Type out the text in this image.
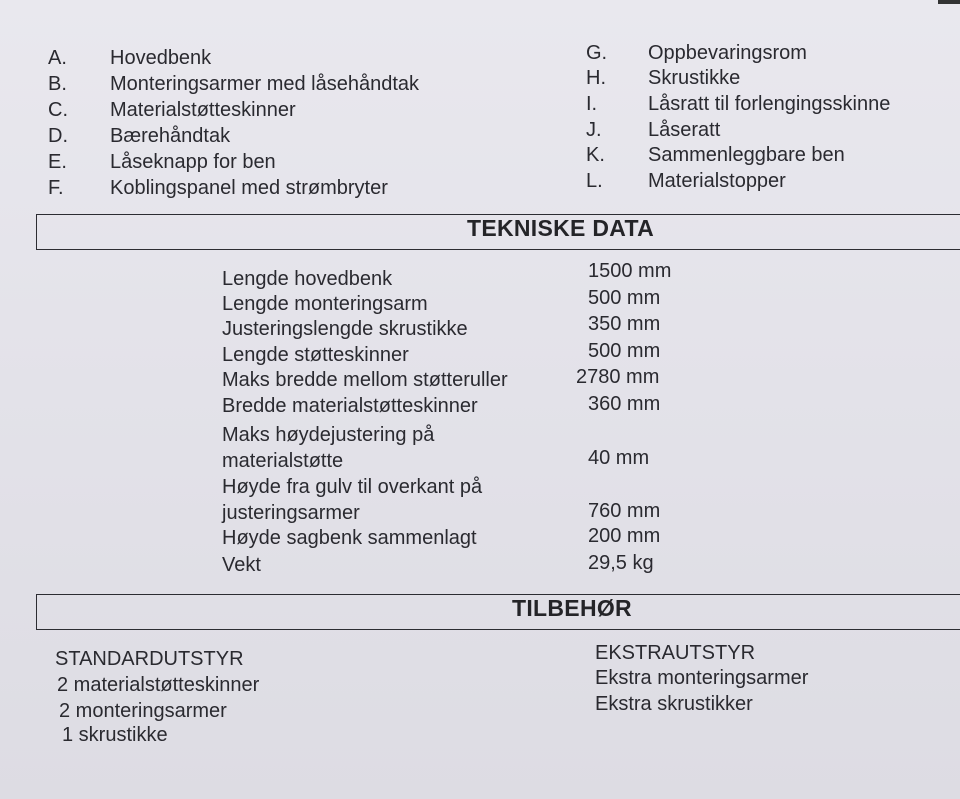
A. Hovedbenk
B. Monteringsarmer med låsehåndtak
C. Materialstøtteskinner
D. Bærehåndtak
E. Låseknapp for ben
F. Koblingspanel med strømbryter
G. Oppbevaringsrom
H. Skrustikke
I.	Låsratt til forlengingsskinne
J. Låseratt
K. Sammenleggbare ben
L. Materialstopper
TEKNISKE DATA
Lengde hovedbenk	1500 mm
Lengde monteringsarm	500 mm
Justeringslengde skrustikke	350 mm
Lengde støtteskinner	500 mm
Maks bredde mellom støtteruller	2780 mm
Bredde materialstøtteskinner	360 mm
Maks høydejustering på
materialstøtte	40 mm
Høyde fra gulv til overkant på
justeringsarmer	760 mm
Høyde sagbenk sammenlagt	200 mm
Vekt	29,5 kg
TILBEHØR
STANDARDUTSTYR
2 materialstøtteskinner
2 monteringsarmer
1 skrustikke
EKSTRAUTSTYR
Ekstra monteringsarmer
Ekstra skrustikker
